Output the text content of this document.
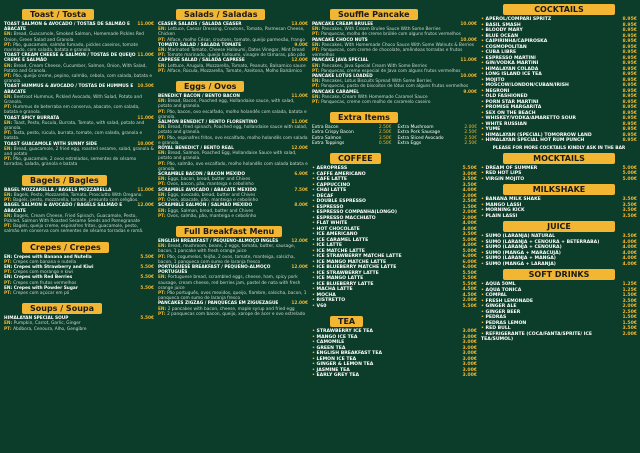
Toast / Tosta
TOAST SALMON & AVOCADO / TOSTAS DE SALMÃO E ABACATE
11.00€
EN: Bread, Guacamole, Smoked Salmon, Homemade Pickles Red Onion, Green Salad and Granola.
PT: Pão, guacamole, salmão fumado, pickles caseiros, tomate marinado, com salada, batata e granola.
TOAST CREAM CHEESE & SALMON / TOSTAS DE QUEIJO CREME E SALMÃO
11.00€
EN: Bread, Cream Cheese, Cucumber, Salmon, Onion, With Salad, Potato and Granola.
PT: Pão, queijo creme, pepino, salmão, cebola, com salada, batata e granola.
TOAST HUMMUS & AVOCADO / TOSTAS DE HUMMUS E ABACATE
10.50€
EN: Beetroot Hummus, Pickled Avocado, With Salad, Potato and Granola.
PT: Hummus de beterraba em conserva, abacate, com salada, batata e granola.
TOAST SPICY BURRATA	11.00€
EN: Toast, Pesto, Rucula, Burrata, Tomato, with salad, potato and granola.
PT: Tosta, pesto, rúcula, burrata, tomate, com salada, granola e batata.
TOAST GUACAMOLE WITH SUNNY SIDE	10.00€
EN: Bread, guacamole, 2 fried egg, roasted sesame, salad, granola & and potato
PT: Pão, guacamole, 2 ovos estrelados, sementes de sésamo torradas, salada, granola e batata
Bagels / Bagles
BAGEL MOZZARELLA / BAGELS MOZZARELLA	11.00€
EN: Bagels, Pesto, Mozzarella, Tomato, Prosciutto With Oregano.
PT: Bagels, pesto, mozzarella, tomate, presunto com orégãos.
BAGEL SALMON & AVOCADO / BAGELS SALMÃO E ABACATE
12.00€
EN: Bagels, Cream Cheese, Fried Spinach, Guacamole, Pesto, Pickled, Salmon With Roasted Sesame Seeds and Pomegranate
PT: Bagels, queijo creme, espinafres fritos, guacamole, pesto, salmão em conserva com sementes de sésamo torradas e romã.
Crepes / Crepes
EN: Crepes with Banana and Nutella	5.50€
PT: Crepes com banana e nutella
EN: Crepes with Strawberry and Kiwi	5.50€
PT: Crepes com morango e kiwi
EN: Crepes with Red Berries	5.50€
PT: Crepes com frutos vermelhos
EN: Crepes with Powder Sugar	5.50€
PT: Crepes com açúcar em pó
Soups / Soupa
HIMALAYAN SPECIAL SOUP	5.50€
EN: Pumpkin, Carrot, Garlic, Ginger
PT: Abóbora, Cenoura, Alho, Gengibre
Salads / Saladas
CEASER SALADS / SALADA CEASER	13.00€
EN: Lettuce, Caesar Dressing, Croutons, Tomato, Parmesan Cheese, Chicken
PT: Alface, molho César, croutons, tomate, queijo parmesão, frango
TOMATO SALAD / SALADA TOMATE	9.00€
EN: Marinated Tomato, Cheese Halloumi, Dates Vinegar, Mint Bread
PT: Tomate marinado, queijo halloumi, vinagre de tâmaras, pão pão
CAPRESE SALAD / SALADA CAPRESE	12.00€
EN: Lettuce, Arugula, Mozzarella, Tomato, Peanuts, Balsamico sauce
PT: Alface, Rúcula, Mozzarella, Tomate, Azeitona, Molho Balsâmico
Eggs / Ovos
BENEDICT BACON / BENTO BACON	11.00€
EN: Bread, Bacon, Poached egg, Hollandaise sauce, with salad, potato and granola.
PT: Pão, bacon, ovo escalfado, molho holandês com salada, batata e granola.
SALMON BENEDICT / BENTO FLORENTINO	11.00€
EN: Bread, fried spinach, Poached egg, hollandaise sauce with salad, potato and granola.
PT: Pão, espinafres fritos, ovo escalfado, molho holandês com salada e granola.
ROYAL BENEDICT / BENTO REAL	12.00€
EN: Bread, Salmon, Poached Egg, Hollandaise Sauce with salad, potato and granola.
PT: Pão, salmão, ovo escalfado, molho holandês com salada batata e granola.
SCRAMBLE BACON / BACON MEXIDO	6.90€
EN: Eggs, bacon, bread, butter and Chives
PT: Ovos, bacon, pão, manteiga e cebolinho
SCRAMBLE AVOCADO / ABACATE MEXIDO	7.50€
EN: Eggs, avocado, bread, butter and Chives
PT: Ovos, abacate, pão, manteiga e cebolinho
SCRAMBLE SALMON / SALMÃO MEXIDO	8.00€
EN: Eggs, Salmon, bread, butter and Chives
PT: Ovos, salmão, pão, manteiga e cebolinho
Full Breakfast Menu
ENGLISH BREAKFAST / PEQUENO-ALMOÇO INGLÊS	12.00€
EN: Bread, mushroom, beans, 2 eggs, tomato, butter, sausage, bacon, 1 pancake with fresh orange juice
PT: Pão, cogumelos, feijão, 2 ovos, tomate, manteiga, salsicha, bacon, 1 panqueca com sumo de laranja fresco
PORTUGUESE BREAKFAST / PEQUENO-ALMOÇO PORTUGUÊS
12.00€
EN: Portuguese bread, scrambled eggs, cheese, ham, spicy pork sausage, cream cheese, red berries jam, pastel de nata with fresh orange juice
PT: Pão português, ovos mexidos, queijo, fiambre, salsicha, bacon, 1 panqueca com sumo de laranja fresco
PANCAKES ZIGZAG / PANQUECAS EM ZIGUEZAGUE	12.00€
EN: 2 pancakes with bacon, cheese, maple syrup and fried egg
PT: 2 panquecas com bacon, queijo, xarope de ácer e ovo estrelado
Souffle Pancake
PANCAKE CREAM BRULEE	10.00€
EN: Pancakes, With Cream Brulee Sauce With Some Berries
PT: Panquecas, molho de creme brûlée com alguns frutos vermelhos
PANCAKE CHOCO NUTS	10.00€
EN: Pancakes, With Homemade Choco Sauce With Some Walnuts & Berries
PT: Panquecas, com creme de chocolate, amêndoas torradas e frutos vermelhos
PANCAKE JAVA SPECIAL	11.00€
EN: Pancakes, Java Special Cream With Some Berries
PT: Panquecas, creme especial de Java com alguns frutos vermelhos
PANCAKE LOTUS LOADED	10.00€
EN: Pancakes, Lotus Biscuits Spread With Some Berries
PT: Panquecas, pasta de biscoitos de lótus com alguns frutos vermelhos
PANCAKE CARAMEL	9.00€
EN: Pancake, Cream With Homemade Caramel Sauce
PT: Panquecas, creme com molho de caramelo caseiro
Extra Items
Extra Bacon	2.50€ Extra Mushroom	2.00€
Extra Crispy Bacon	2.50€ Extra Pork Sausage	2.50€
Extra Salmon	3.50€ Extra Sliced Avocado	2.50€
Extra Toppings	0.50€ Extra Eggs	2.50€
COFFEE
• AEROPRESS	5.50€
• CAFFE AMERICANO	3.00€
• CAFE LATTE	3.50€
• CAPPUCCINO	3.50€
• CHAI LATTE	4.00€
• DECAF	2.00€
• DOUBLE ESPRESSO	2.50€
• ESPRESSO	1.50€
• ESPRESSO COMPANHA(LONGO)	2.00€
• ESPRESSO MACCHIATO	2.00€
• FLAT WHITE	4.00€
• HOT CHOCOLATE	4.00€
• ICE AMERICANO	3.50€
• ICE CARAMEL LATTE	5.00€
• ICE LATTE	4.00€
• ICE MATCHE LATTE	5.00€
• ICE STRAWBERRY MATCHE LATTE	6.00€
• ICE MANGO MATCHE LATTE	6.00€
• ICE BLUEBERRY MATCHE LATTE	6.00€
• ICE STRAWBERRY LATTE	5.50€
• ICE MANGO LATTE	5.50€
• ICE BLUEBERRY LATTE	5.50€
• MACHA LATTE	4.50€
• MOCHA	4.50€
• RISTRETTO	2.00€
• V60	5.50€
TEA
• STRAWBERRY ICE TEA	3.00€
• MANGO ICE TEA	3.00€
• CAMOMILE	3.00€
• GREEN TEA	3.00€
• ENGLISH BREAKFAST TEA	3.00€
• LEMON ICE TEA	3.00€
• GINGER & LEMON TEA	3.00€
• JASMINE TEA	3.00€
• EARLY GREY TEA	3.00€
COCKTAILS
• APEROL/COMPARI SPRITZ	8.95€
• BASIL SMASH	8.95€
• BLOODY MARY	8.95€
• BLUE OCEAN	8.95€
• CAIPIRINHA/CAPIROSKA	8.95€
• COSMOPOLITAN	8.95€
• CUBA LIBRE	8.95€
• ESPRESSO MARTINI	8.95€
• GIN/VODKA MARTINI	8.95€
• HIMALAYAN COLADA	8.95€
• LONG ISLAND ICE TEA	8.95€
• MOJITO	8.95€
• MOSCOW/LONDON/CUBAN/IRISH	8.95€
• NEGRONI	8.95€
• OLD FASHIONED	8.95€
• PORN STAR MARTINI	8.95€
• PROMISE MARGARITA	8.95€
• SEX ON THE BEACH	8.95€
• WHISKEY/VODKA/AMARETTO SOUR	8.95€
• WHITE RUSSIAN	8.95€
• YUME	8.95€
• HIMALAYAN (SPECIAL) TOMORROW LAND	8.95€
• HIMALAYAN SPECIAL HOT RUM PUNCH	8.95€
PLEASE FOR MORE COCKTAILS KINDLY ASK IN THE BAR
MOCKTAILS
• DREAM OF SUMMER	5.00€
• RED HOT LIPS	5.00€
• VIRGIN MOJITO	5.00€
MILKSHAKE
• BANANA MILK SHAKE	3.50€
• MANGO LASSI	3.50€
• MORNING KICK	3.50€
• PLAIN LASSI	3.50€
JUICE
• SUMO (LARANJA) NATURAL	3.50€
• SUMO (LARANJA + CENOURA + BETERRABA)	4.00€
• SUMO (LARANJA + CENOURA)	4.00€
• SUMO (MANGA + MARACUJÁ)	4.00€
• SUMO (LARANJA + MANGA)	4.00€
• SUMO (MANGA + LARANJA)	4.00€
SOFT DRINKS
• AQUA 50ML	1.25€
• AQUA TONICA	1.25€
• COMPAL	1.50€
• FRESH LEMONADE	3.50€
• GINGER ALE	2.00€
• GINGER BEER	2.50€
• PEDRAS	1.50€
• PEDRAS LEMON	1.50€
• RED BULL	3.50€
• REFRIGERANTE (COCA/FANTA/SPRITE/ ICE TEA/SUMOL)
2.00€
